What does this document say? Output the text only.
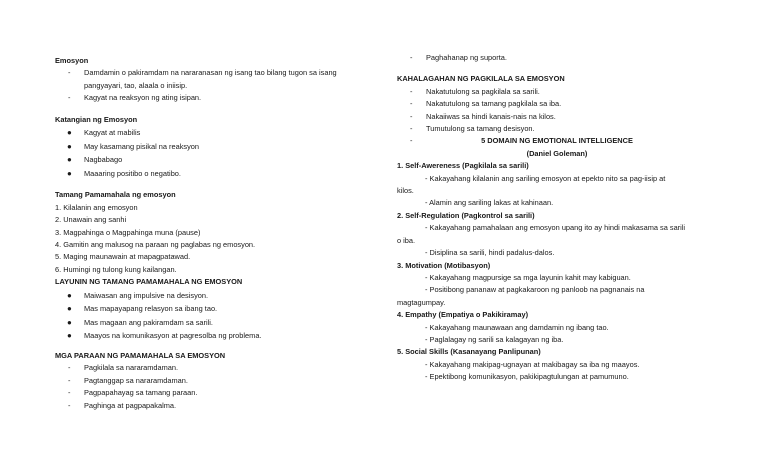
Emosyon
- Damdamin o pakiramdam na nararanasan ng isang tao bilang tugon sa isang pangyayari, tao, alaala o iniisip.
- Kagyat na reaksyon ng ating isipan.
Katangian ng Emosyon
● Kagyat at mabilis
● May kasamang pisikal na reaksyon
● Nagbabago
● Maaaring positibo o negatibo.
Tamang Pamamahala ng emosyon
1. Kilalanin ang emosyon
2. Unawain ang sanhi
3. Magpahinga o Magpahinga muna (pause)
4. Gamitin ang malusog na paraan ng paglabas ng emosyon.
5. Maging maunawain at mapagpatawad.
6. Humingi ng tulong kung kailangan.
LAYUNIN NG TAMANG PAMAMAHALA NG EMOSYON
● Maiwasan ang impulsive na desisyon.
● Mas mapayapang relasyon sa ibang tao.
● Mas magaan ang pakiramdam sa sarili.
● Maayos na komunikasyon at pagresolba ng problema.
MGA PARAAN NG PAMAMAHALA SA EMOSYON
- Pagkilala sa nararamdaman.
- Pagtanggap sa nararamdaman.
- Pagpapahayag sa tamang paraan.
- Paghinga at pagpapakalma.
- Paghahanap ng suporta.
KAHALAGAHAN NG PAGKILALA SA EMOSYON
- Nakatutulong sa pagkilala sa sarili.
- Nakatutulong sa tamang pagkilala sa iba.
- Nakaiiwas sa hindi kanais-nais na kilos.
- Tumutulong sa tamang desisyon.
-	5 DOMAIN NG EMOTIONAL INTELLIGENCE
(Daniel Goleman)
1. Self-Awereness (Pagkilala sa sarili)
- Kakayahang kilalanin ang sariling emosyon at epekto nito sa pag-iisip at
kilos.
- Alamin ang sariling lakas at kahinaan.
2. Self-Regulation (Pagkontrol sa sarili)
- Kakayahang pamahalaan ang emosyon upang ito ay hindi makasama sa sarili
o iba.
- Disiplina sa sarili, hindi padalus-dalos.
3. Motivation (Motibasyon)
- Kakayahang magpursige sa mga layunin kahit may kabiguan.
- Positibong pananaw at pagkakaroon ng panloob na pagnanais na
magtagumpay.
4. Empathy (Empatiya o Pakikiramay)
- Kakayahang maunawaan ang damdamin ng ibang tao.
- Paglalagay ng sarili sa kalagayan ng iba.
5. Social Skills (Kasanayang Panlipunan)
- Kakayahang makipag-ugnayan at makibagay sa iba ng maayos.
- Epektibong komunikasyon, pakikipagtulungan at pamumuno.
